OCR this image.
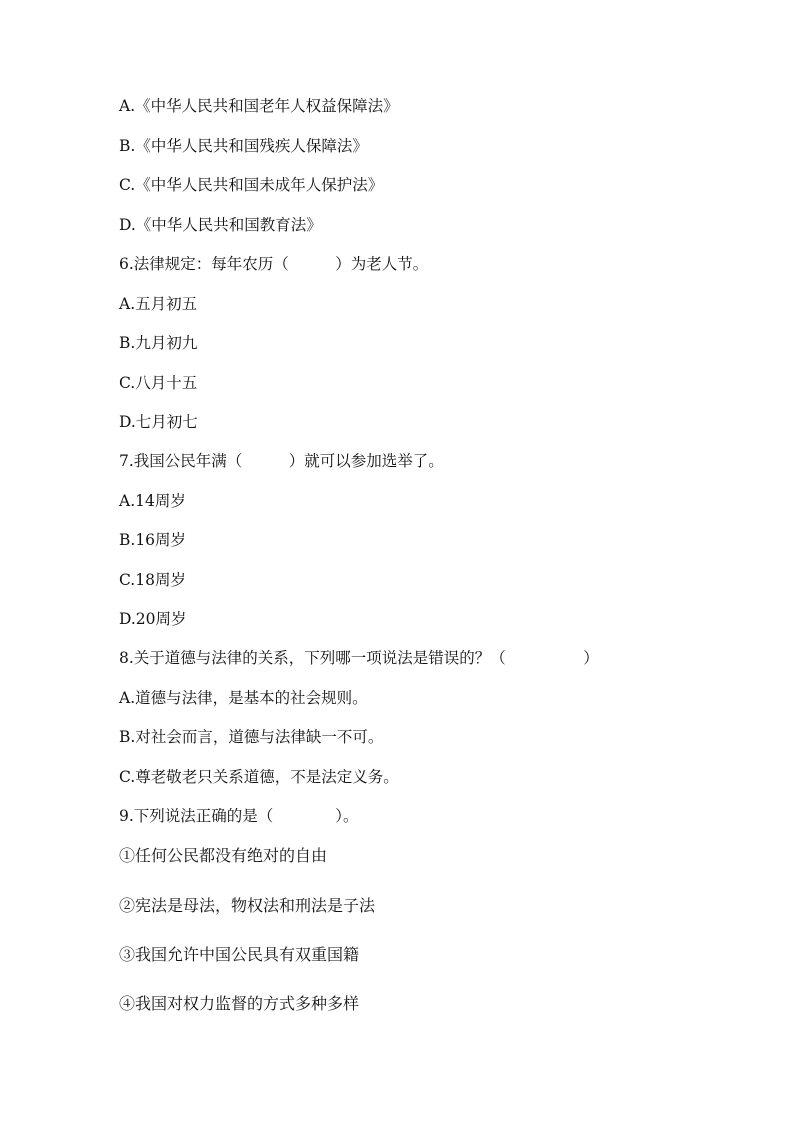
A.《中华人民共和国老年人权益保障法》
B.《中华人民共和国残疾人保障法》
C.《中华人民共和国未成年人保护法》
D.《中华人民共和国教育法》
6.法律规定：每年农历（　　　）为老人节。
A.五月初五
B.九月初九
C.八月十五
D.七月初七
7.我国公民年满（　　　）就可以参加选举了。
A.14周岁
B.16周岁
C.18周岁
D.20周岁
8.关于道德与法律的关系，下列哪一项说法是错误的？（　　　　　）
A.道德与法律，是基本的社会规则。
B.对社会而言，道德与法律缺一不可。
C.尊老敬老只关系道德，不是法定义务。
9.下列说法正确的是（　　　　）。
①任何公民都没有绝对的自由
②宪法是母法，物权法和刑法是子法
③我国允许中国公民具有双重国籍
④我国对权力监督的方式多种多样
